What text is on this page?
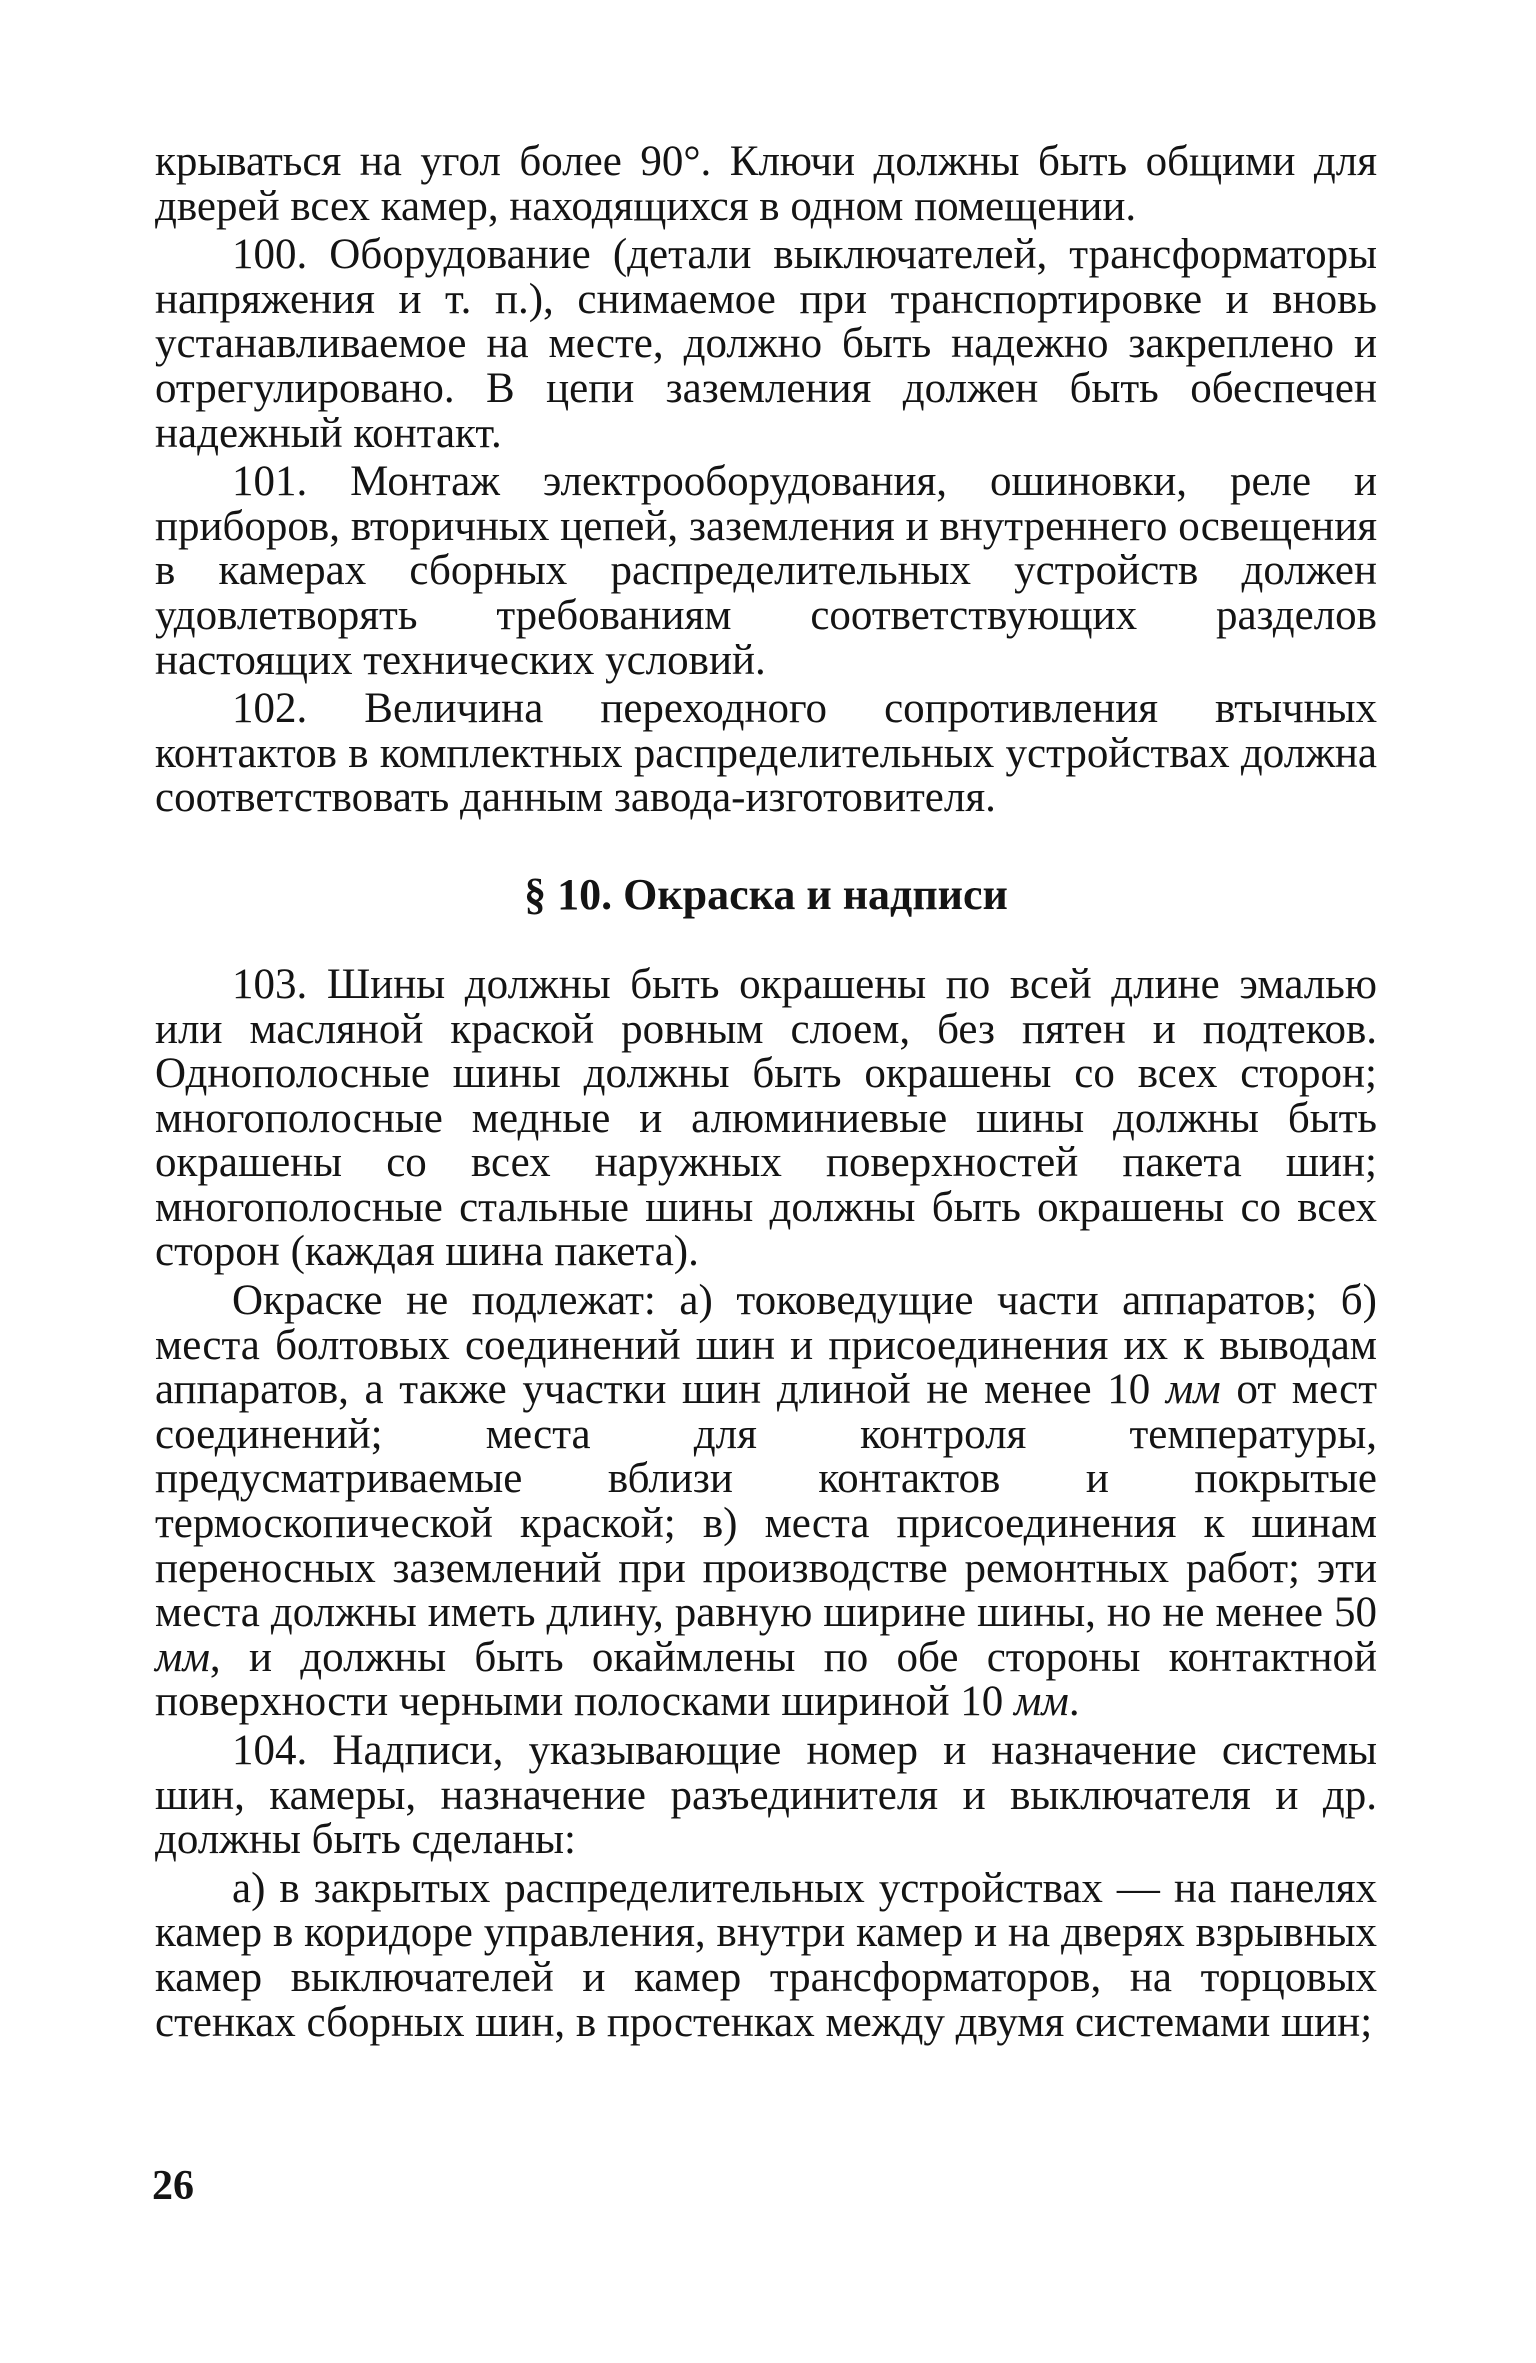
крываться на угол более 90°. Ключи должны быть общими для дверей всех камер, находящихся в одном помещении.

100. Оборудование (детали выключателей, трансформаторы напряжения и т. п.), снимаемое при транспортировке и вновь устанавливаемое на месте, должно быть надежно закреплено и отрегулировано. В цепи заземления должен быть обеспечен надежный контакт.

101. Монтаж электрооборудования, ошиновки, реле и приборов, вторичных цепей, заземления и внутреннего освещения в камерах сборных распределительных устройств должен удовлетворять требованиям соответствующих разделов настоящих технических условий.

102. Величина переходного сопротивления втычных контактов в комплектных распределительных устройствах должна соответствовать данным завода-изготовителя.

§ 10. Окраска и надписи

103. Шины должны быть окрашены по всей длине эмалью или масляной краской ровным слоем, без пятен и подтеков. Однополосные шины должны быть окрашены со всех сторон; многополосные медные и алюминиевые шины должны быть окрашены со всех наружных поверхностей пакета шин; многополосные стальные шины должны быть окрашены со всех сторон (каждая шина пакета).

Окраске не подлежат: а) токоведущие части аппаратов; б) места болтовых соединений шин и присоединения их к выводам аппаратов, а также участки шин длиной не менее 10 мм от мест соединений; места для контроля температуры, предусматриваемые вблизи контактов и покрытые термоскопической краской; в) места присоединения к шинам переносных заземлений при производстве ремонтных работ; эти места должны иметь длину, равную ширине шины, но не менее 50 мм, и должны быть окаймлены по обе стороны контактной поверхности черными полосками шириной 10 мм.

104. Надписи, указывающие номер и назначение системы шин, камеры, назначение разъединителя и выключателя и др. должны быть сделаны:

а) в закрытых распределительных устройствах — на панелях камер в коридоре управления, внутри камер и на дверях взрывных камер выключателей и камер трансформаторов, на торцовых стенках сборных шин, в простенках между двумя системами шин;

26
